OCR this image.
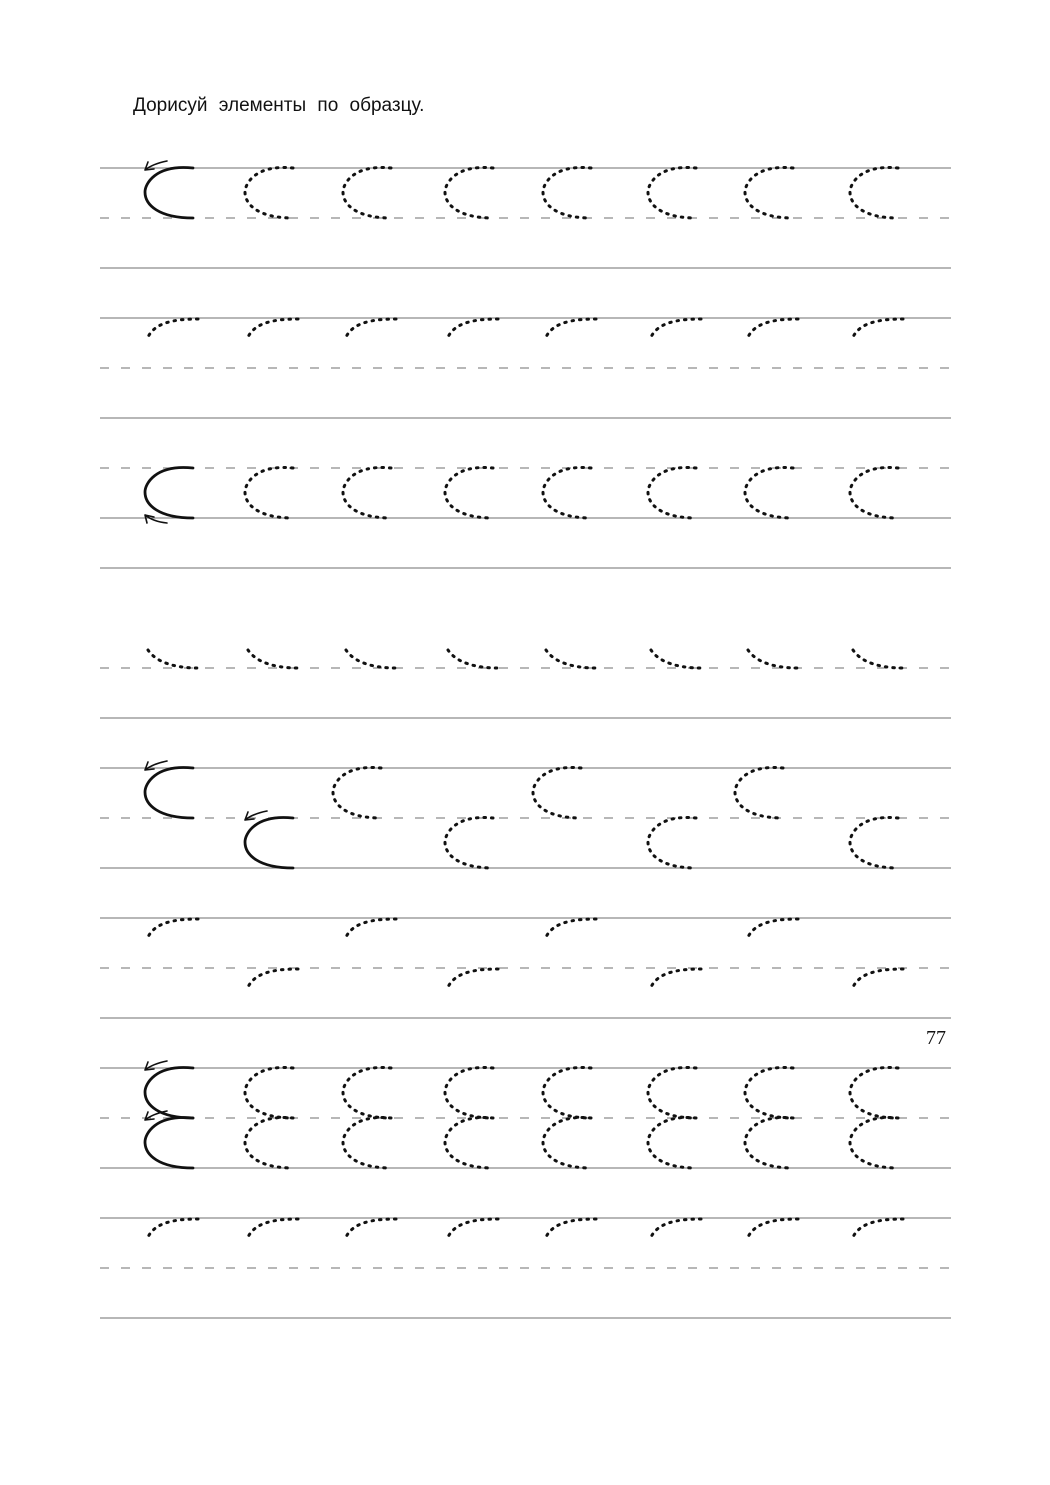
Дорисуй элементы по образцу.
77
